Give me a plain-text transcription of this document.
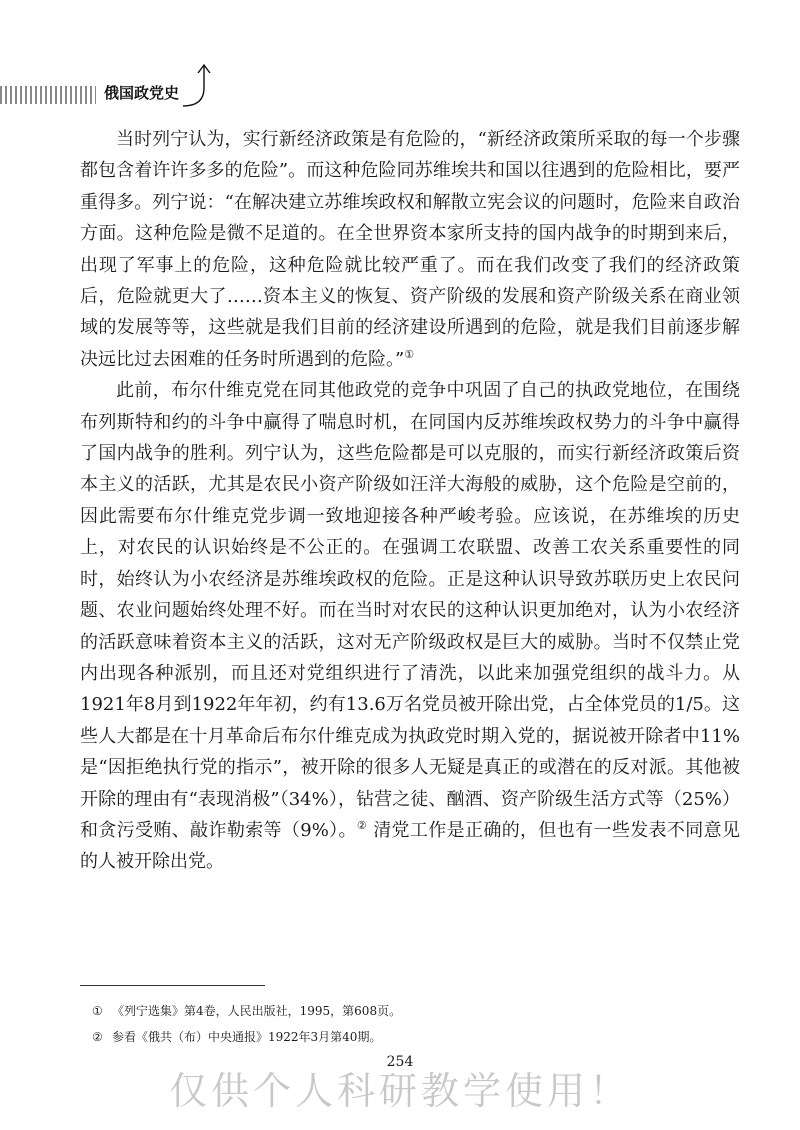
俄国政党史

当时列宁认为，实行新经济政策是有危险的，“新经济政策所采取的每一个步骤都包含着许许多多的危险”。而这种危险同苏维埃共和国以往遇到的危险相比，要严重得多。列宁说：“在解决建立苏维埃政权和解散立宪会议的问题时，危险来自政治方面。这种危险是微不足道的。在全世界资本家所支持的国内战争的时期到来后，出现了军事上的危险，这种危险就比较严重了。而在我们改变了我们的经济政策后，危险就更大了……资本主义的恢复、资产阶级的发展和资产阶级关系在商业领域的发展等等，这些就是我们目前的经济建设所遇到的危险，就是我们目前逐步解决远比过去困难的任务时所遇到的危险。”①

此前，布尔什维克党在同其他政党的竞争中巩固了自己的执政党地位，在围绕布列斯特和约的斗争中赢得了喘息时机，在同国内反苏维埃政权势力的斗争中赢得了国内战争的胜利。列宁认为，这些危险都是可以克服的，而实行新经济政策后资本主义的活跃，尤其是农民小资产阶级如汪洋大海般的威胁，这个危险是空前的，因此需要布尔什维克党步调一致地迎接各种严峻考验。应该说，在苏维埃的历史上，对农民的认识始终是不公正的。在强调工农联盟、改善工农关系重要性的同时，始终认为小农经济是苏维埃政权的危险。正是这种认识导致苏联历史上农民问题、农业问题始终处理不好。而在当时对农民的这种认识更加绝对，认为小农经济的活跃意味着资本主义的活跃，这对无产阶级政权是巨大的威胁。当时不仅禁止党内出现各种派别，而且还对党组织进行了清洗，以此来加强党组织的战斗力。从1921年8月到1922年年初，约有13.6万名党员被开除出党，占全体党员的1/5。这些人大都是在十月革命后布尔什维克成为执政党时期入党的，据说被开除者中11%是“因拒绝执行党的指示”，被开除的很多人无疑是真正的或潜在的反对派。其他被开除的理由有“表现消极”（34%），钻营之徒、酗酒、资产阶级生活方式等（25%）和贪污受贿、敲诈勒索等（9%）。② 清党工作是正确的，但也有一些发表不同意见的人被开除出党。

① 《列宁选集》第4卷，人民出版社，1995，第608页。
② 参看《俄共（布）中央通报》1922年3月第40期。
254
仅供个人科研教学使用！
